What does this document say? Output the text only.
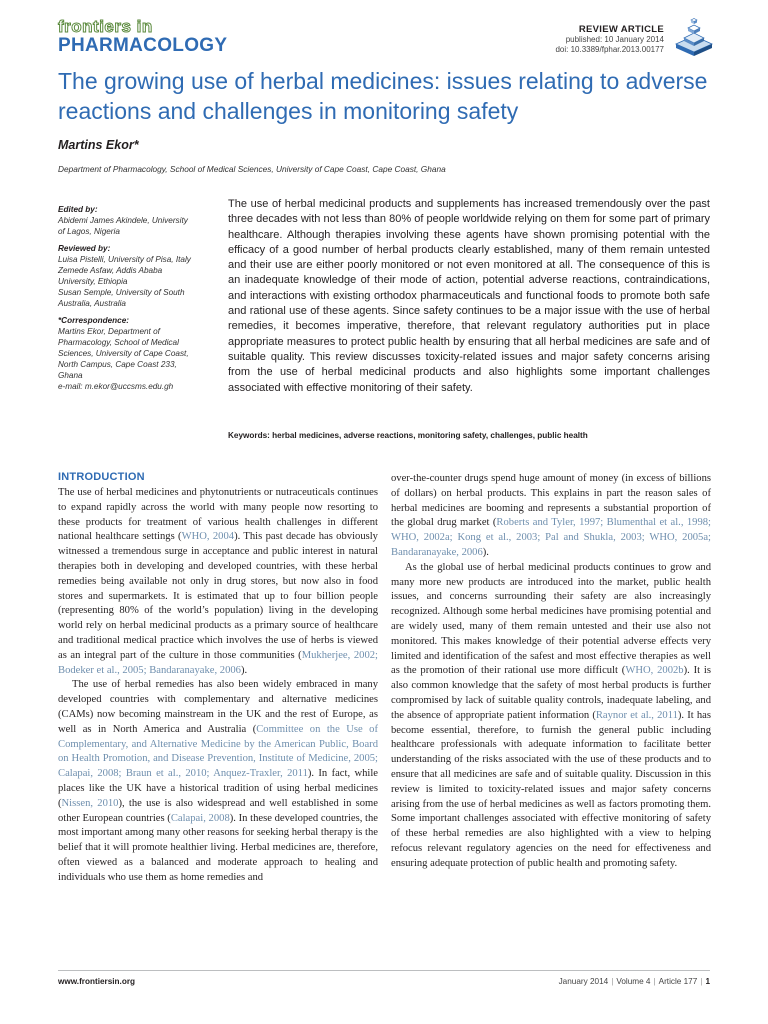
frontiers in
PHARMACOLOGY
REVIEW ARTICLE
published: 10 January 2014
doi: 10.3389/fphar.2013.00177
The growing use of herbal medicines: issues relating to adverse reactions and challenges in monitoring safety
Martins Ekor*
Department of Pharmacology, School of Medical Sciences, University of Cape Coast, Cape Coast, Ghana
Edited by:
Abidemi James Akindele, University
of Lagos, Nigeria
Reviewed by:
Luisa Pistelli, University of Pisa, Italy
Zemede Asfaw, Addis Ababa
University, Ethiopia
Susan Semple, University of South
Australia, Australia
*Correspondence:
Martins Ekor, Department of
Pharmacology, School of Medical
Sciences, University of Cape Coast,
North Campus, Cape Coast 233,
Ghana
e-mail: m.ekor@uccsms.edu.gh

The use of herbal medicinal products and supplements has increased tremendously over the past three decades with not less than 80% of people worldwide relying on them for some part of primary healthcare. Although therapies involving these agents have shown promising potential with the efficacy of a good number of herbal products clearly established, many of them remain untested and their use are either poorly monitored or not even monitored at all. The consequence of this is an inadequate knowledge of their mode of action, potential adverse reactions, contraindications, and interactions with existing orthodox pharmaceuticals and functional foods to promote both safe and rational use of these agents. Since safety continues to be a major issue with the use of herbal remedies, it becomes imperative, therefore, that relevant regulatory authorities put in place appropriate measures to protect public health by ensuring that all herbal medicines are safe and of suitable quality. This review discusses toxicity-related issues and major safety concerns arising from the use of herbal medicinal products and also highlights some important challenges associated with effective monitoring of their safety.

Keywords: herbal medicines, adverse reactions, monitoring safety, challenges, public health
INTRODUCTION

The use of herbal medicines and phytonutrients or nutraceuticals continues to expand rapidly across the world with many people now resorting to these products for treatment of various health challenges in different national healthcare settings (WHO, 2004). This past decade has obviously witnessed a tremendous surge in acceptance and public interest in natural therapies both in developing and developed countries, with these herbal remedies being available not only in drug stores, but now also in food stores and supermarkets. It is estimated that up to four billion people (representing 80% of the world’s population) living in the developing world rely on herbal medicinal products as a primary source of healthcare and traditional medical practice which involves the use of herbs is viewed as an integral part of the culture in those communities (Mukherjee, 2002; Bodeker et al., 2005; Bandaranayake, 2006).

The use of herbal remedies has also been widely embraced in many developed countries with complementary and alternative medicines (CAMs) now becoming mainstream in the UK and the rest of Europe, as well as in North America and Australia (Committee on the Use of Complementary, and Alternative Medicine by the American Public, Board on Health Promotion, and Disease Prevention, Institute of Medicine, 2005; Calapai, 2008; Braun et al., 2010; Anquez-Traxler, 2011). In fact, while places like the UK have a historical tradition of using herbal medicines (Nissen, 2010), the use is also widespread and well established in some other European countries (Calapai, 2008). In these developed countries, the most important among many other reasons for seeking herbal therapy is the belief that it will promote healthier living. Herbal medicines are, therefore, often viewed as a balanced and moderate approach to healing and individuals who use them as home remedies and

over-the-counter drugs spend huge amount of money (in excess of billions of dollars) on herbal products. This explains in part the reason sales of herbal medicines are booming and represents a substantial proportion of the global drug market (Roberts and Tyler, 1997; Blumenthal et al., 1998; WHO, 2002a; Kong et al., 2003; Pal and Shukla, 2003; WHO, 2005a; Bandaranayake, 2006).

As the global use of herbal medicinal products continues to grow and many more new products are introduced into the market, public health issues, and concerns surrounding their safety are also increasingly recognized. Although some herbal medicines have promising potential and are widely used, many of them remain untested and their use also not monitored. This makes knowledge of their potential adverse effects very limited and identification of the safest and most effective therapies as well as the promotion of their rational use more difficult (WHO, 2002b). It is also common knowledge that the safety of most herbal products is further compromised by lack of suitable quality controls, inadequate labeling, and the absence of appropriate patient information (Raynor et al., 2011). It has become essential, therefore, to furnish the general public including healthcare professionals with adequate information to facilitate better understanding of the risks associated with the use of these products and to ensure that all medicines are safe and of suitable quality. Discussion in this review is limited to toxicity-related issues and major safety concerns arising from the use of herbal medicines as well as factors promoting them. Some important challenges associated with effective monitoring of safety of these herbal remedies are also highlighted with a view to helping refocus relevant regulatory agencies on the need for effectiveness and ensuring adequate protection of public health and promoting safety.

www.frontiersin.org	January 2014 | Volume 4 | Article 177 | 1
